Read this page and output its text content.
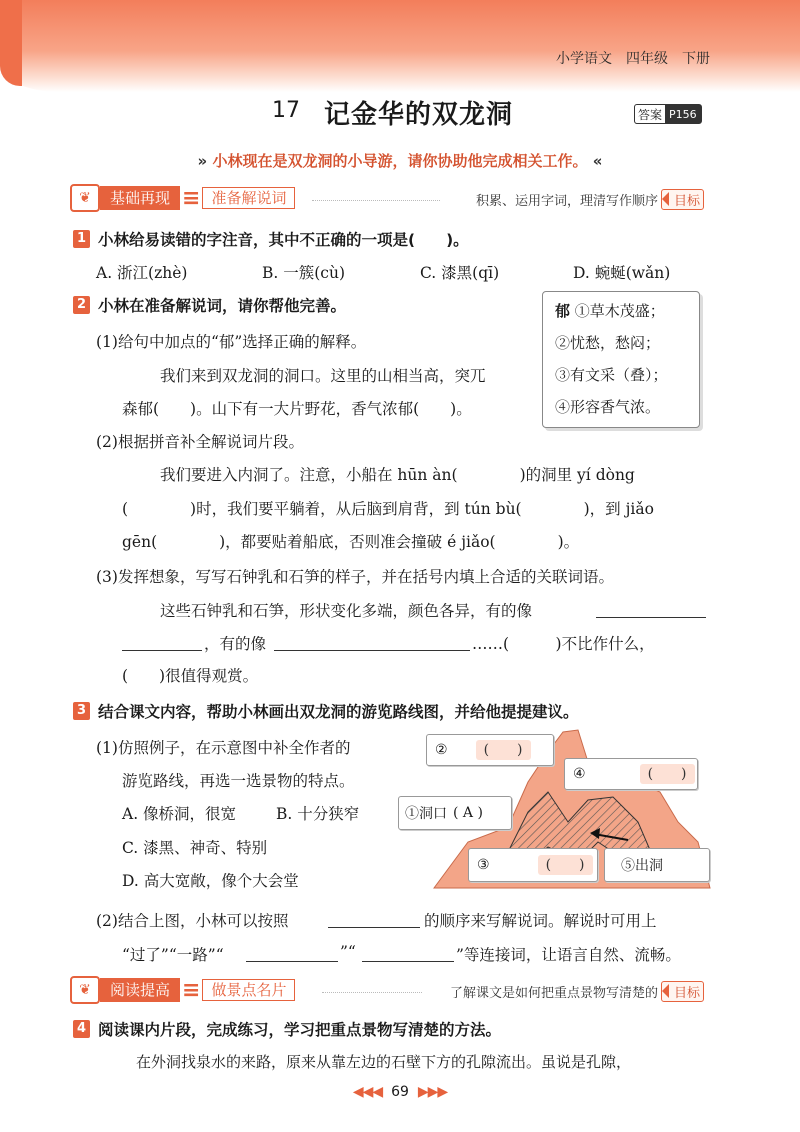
小学语文　四年级　下册
17 记金华的双龙洞	答案 P156
» 小林现在是双龙洞的小导游，请你协助他完成相关工作。 «
❦	基础再现 ≡ 准备解说词	积累、运用字词，理清写作顺序	目标
1 小林给易读错的字注音，其中不正确的一项是(　　)。
A. 浙江(zhè)	B. 一簇(cù)	C. 漆黑(qī)	D. 蜿蜒(wǎn)
2 小林在准备解说词，请你帮他完善。
(1)给句中加点的“郁”选择正确的解释。
我们来到双龙洞的洞口。这里的山相当高，突兀
森郁(　　)。山下有一大片野花，香气浓郁(　　)。
郁 ①草木茂盛；
②忧愁，愁闷；
③有文采（叠）；
④形容香气浓。
(2)根据拼音补全解说词片段。
我们要进入内洞了。注意，小船在 hūn àn(　　　　)的洞里 yí dòng
(　　　　)时，我们要平躺着，从后脑到肩背，到 tún bù(　　　　)，到 jiǎo
gēn(　　　　)，都要贴着船底，否则准会撞破 é jiǎo(　　　　)。
(3)发挥想象，写写石钟乳和石笋的样子，并在括号内填上合适的关联词语。
这些石钟乳和石笋，形状变化多端，颜色各异，有的像
，有的像	……(　　　)不比作什么，
(　　)很值得观赏。
3 结合课文内容，帮助小林画出双龙洞的游览路线图，并给他提提建议。
(1)仿照例子，在示意图中补全作者的
游览路线，再选一选景物的特点。
A. 像桥洞，很宽	B. 十分狭窄
C. 漆黑、神奇、特别
D. 高大宽敞，像个大会堂
②	(　　)
④	(　　)
①洞口 ( A )
③	(　　)	⑤出洞
(2)结合上图，小林可以按照	的顺序来写解说词。解说时可用上
“过了”“一路”“	”“	”等连接词，让语言自然、流畅。
❦	阅读提高 ≡ 做景点名片	了解课文是如何把重点景物写清楚的	目标
4 阅读课内片段，完成练习，学习把重点景物写清楚的方法。
在外洞找泉水的来路，原来从靠左边的石壁下方的孔隙流出。虽说是孔隙，
◀◀◀ 69 ▶▶▶
